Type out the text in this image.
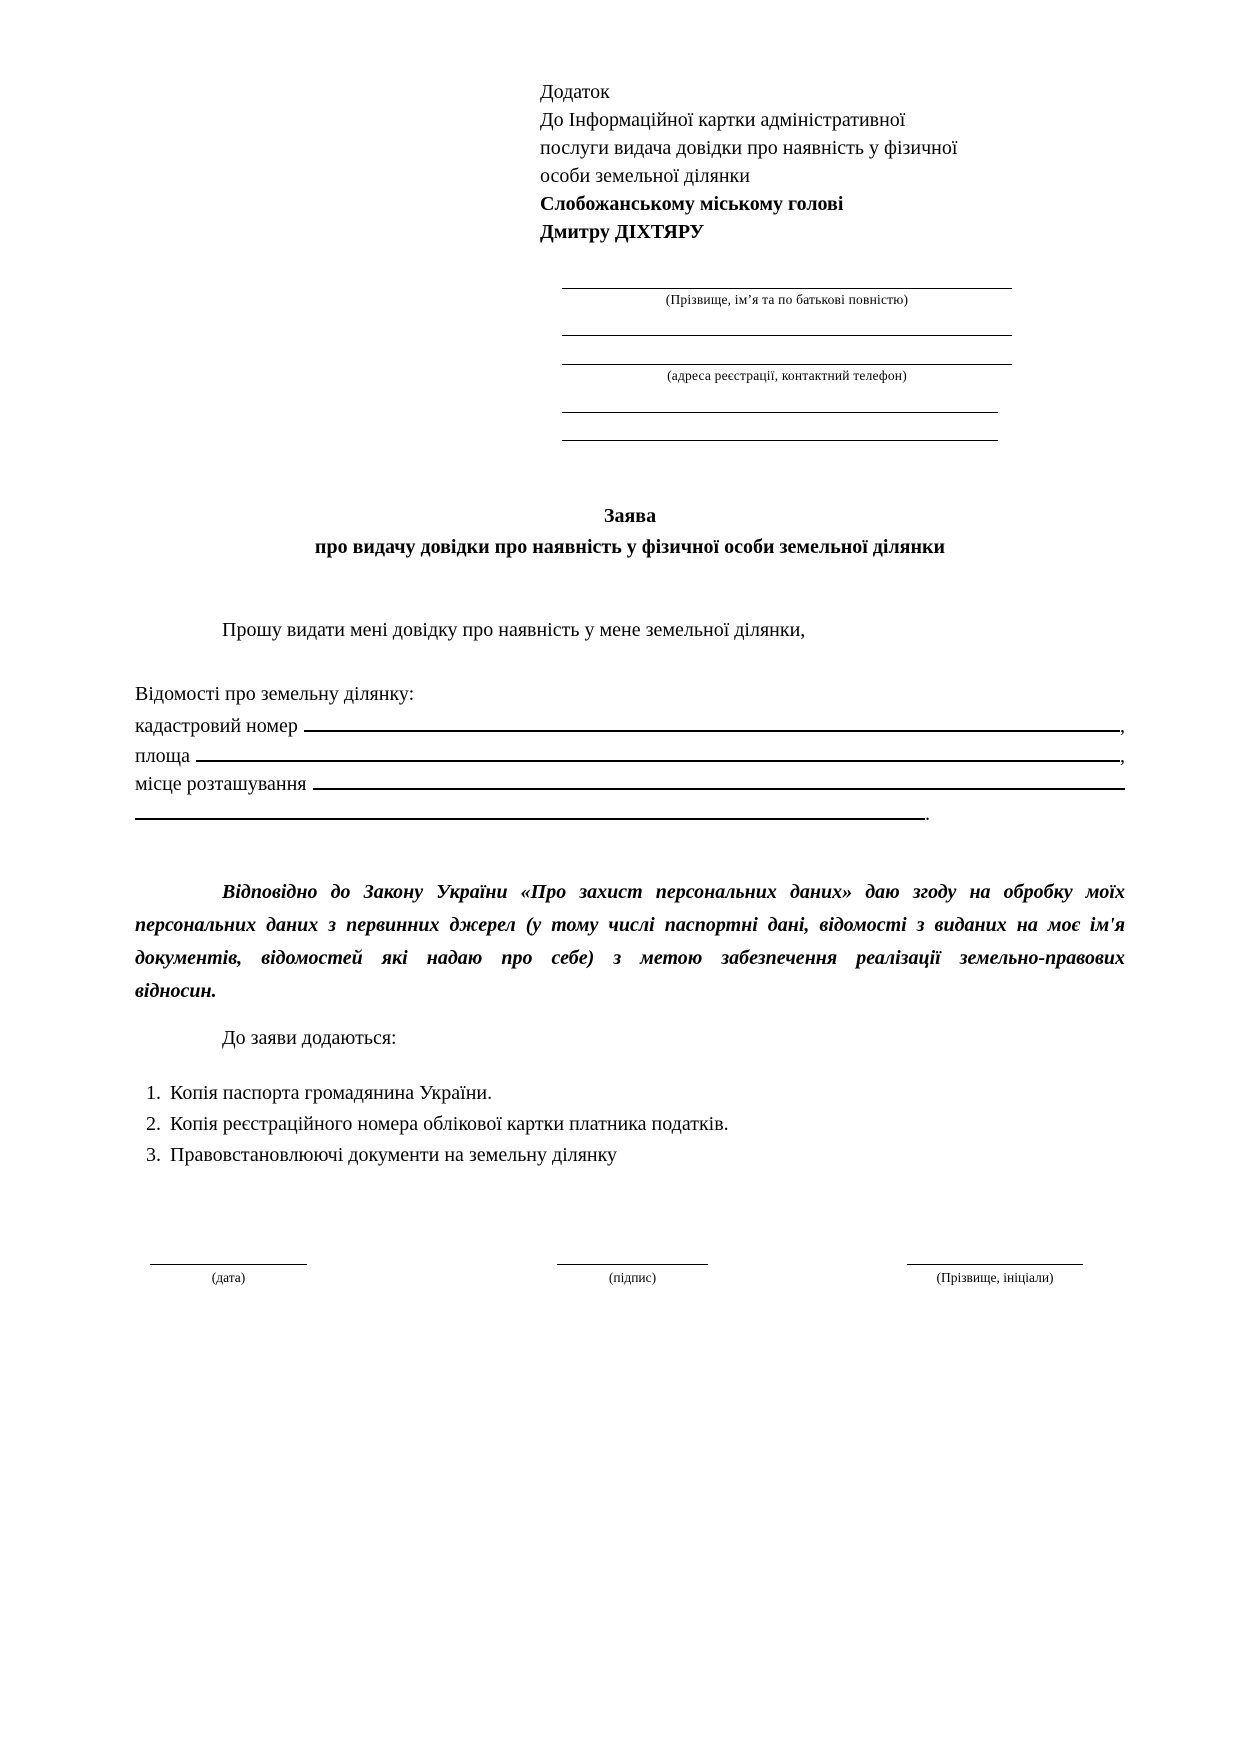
Додаток
До Інформаційної картки адміністративної
послуги видача довідки про наявність у фізичної
особи земельної ділянки
Слобожанському міському голові
Дмитру ДІХТЯРУ
(Прізвище, ім’я та по батькові повністю)
(адреса реєстрації, контактний телефон)
Заява
про видачу довідки про наявність у фізичної особи земельної ділянки
Прошу видати мені довідку про наявність у мене земельної ділянки,
Відомості про земельну ділянку:
кадастровий номер	,
площа	,
місце розташування
.
Відповідно до Закону України «Про захист персональних даних» даю згоду на обробку моїх персональних даних з первинних джерел (у тому числі паспортні дані, відомості з виданих на моє ім'я документів, відомостей які надаю про себе) з метою забезпечення реалізації земельно-правових відносин.
До заяви додаються:
1. Копія паспорта громадянина України.
2. Копія реєстраційного номера облікової картки платника податків.
3. Правовстановлюючі документи на земельну ділянку
(дата)	(підпис)	(Прізвище, ініціали)
